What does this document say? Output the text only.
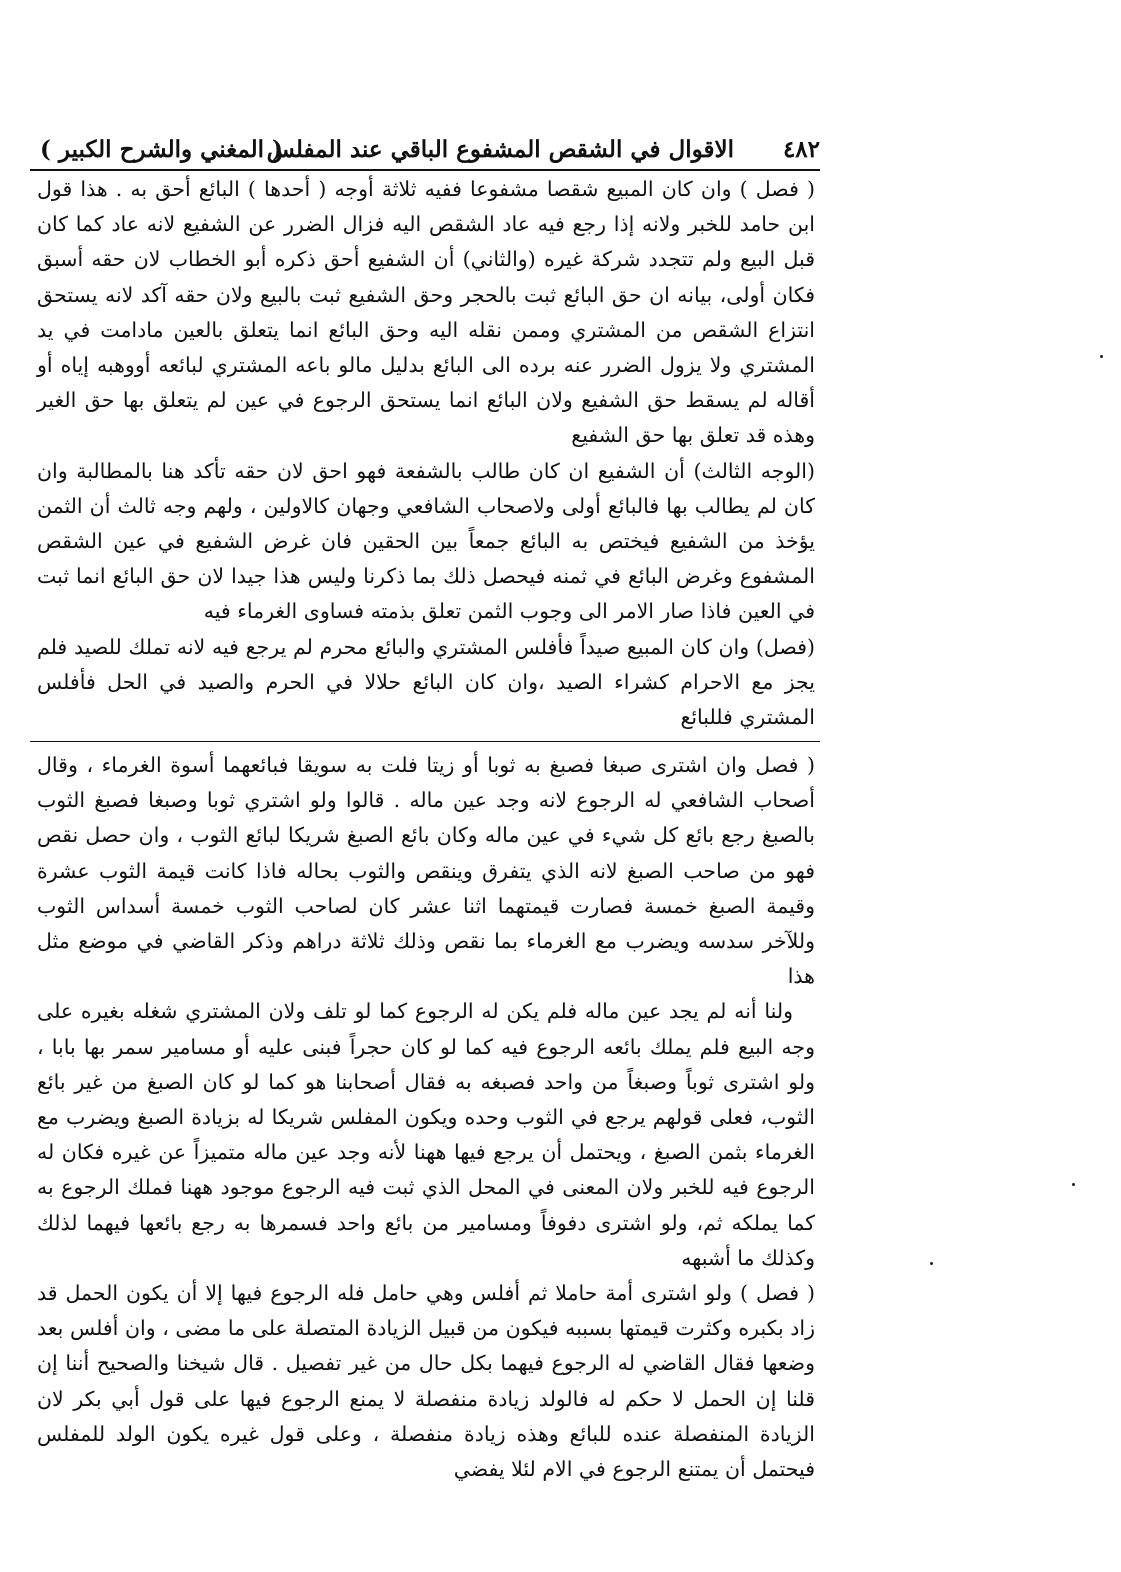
٤٨٢
الاقوال في الشقص المشفوع الباقي عند المفلس
( المغني والشرح الكبير )

( فصل ) وان كان المبيع شقصا مشفوعا ففيه ثلاثة أوجه ( أحدها ) البائع أحق به . هذا قول ابن حامد للخبر ولانه إذا رجع فيه عاد الشقص اليه فزال الضرر عن الشفيع لانه عاد كما كان قبل البيع ولم تتجدد شركة غيره (والثاني) أن الشفيع أحق ذكره أبو الخطاب لان حقه أسبق فكان أولى، بيانه ان حق البائع ثبت بالحجر وحق الشفيع ثبت بالبيع ولان حقه آكد لانه يستحق انتزاع الشقص من المشتري وممن نقله اليه وحق البائع انما يتعلق بالعين مادامت في يد المشتري ولا يزول الضرر عنه برده الى البائع بدليل مالو باعه المشتري لبائعه أووهبه إياه أو أقاله لم يسقط حق الشفيع ولان البائع انما يستحق الرجوع في عين لم يتعلق بها حق الغير وهذه قد تعلق بها حق الشفيع

(الوجه الثالث) أن الشفيع ان كان طالب بالشفعة فهو احق لان حقه تأكد هنا بالمطالبة وان كان لم يطالب بها فالبائع أولى ولاصحاب الشافعي وجهان كالاولين ، ولهم وجه ثالث أن الثمن يؤخذ من الشفيع فيختص به البائع جمعاً بين الحقين فان غرض الشفيع في عين الشقص المشفوع وغرض البائع في ثمنه فيحصل ذلك بما ذكرنا وليس هذا جيدا لان حق البائع انما ثبت في العين فاذا صار الامر الى وجوب الثمن تعلق بذمته فساوى الغرماء فيه

(فصل) وان كان المبيع صيداً فأفلس المشتري والبائع محرم لم يرجع فيه لانه تملك للصيد فلم يجز مع الاحرام كشراء الصيد ،وان كان البائع حلالا في الحرم والصيد في الحل فأفلس المشتري فللبائع

( فصل وان اشترى صبغا فصبغ به ثوبا أو زيتا فلت به سويقا فبائعهما أسوة الغرماء ، وقال أصحاب الشافعي له الرجوع لانه وجد عين ماله . قالوا ولو اشتري ثوبا وصبغا فصبغ الثوب بالصبغ رجع بائع كل شيء في عين ماله وكان بائع الصبغ شريكا لبائع الثوب ، وان حصل نقص فهو من صاحب الصبغ لانه الذي يتفرق وينقص والثوب بحاله فاذا كانت قيمة الثوب عشرة وقيمة الصبغ خمسة فصارت قيمتهما اثنا عشر كان لصاحب الثوب خمسة أسداس الثوب وللآخر سدسه ويضرب مع الغرماء بما نقص وذلك ثلاثة دراهم وذكر القاضي في موضع مثل هذا

ولنا أنه لم يجد عين ماله فلم يكن له الرجوع كما لو تلف ولان المشتري شغله بغيره على وجه البيع فلم يملك بائعه الرجوع فيه كما لو كان حجراً فبنى عليه أو مسامير سمر بها بابا ، ولو اشترى ثوباً وصبغاً من واحد فصبغه به فقال أصحابنا هو كما لو كان الصبغ من غير بائع الثوب، فعلى قولهم يرجع في الثوب وحده ويكون المفلس شريكا له بزيادة الصبغ ويضرب مع الغرماء بثمن الصبغ ، ويحتمل أن يرجع فيها ههنا لأنه وجد عين ماله متميزاً عن غيره فكان له الرجوع فيه للخبر ولان المعنى في المحل الذي ثبت فيه الرجوع موجود ههنا فملك الرجوع به كما يملكه ثم، ولو اشترى دفوفاً ومسامير من بائع واحد فسمرها به رجع بائعها فيهما لذلك وكذلك ما أشبهه

( فصل ) ولو اشترى أمة حاملا ثم أفلس وهي حامل فله الرجوع فيها إلا أن يكون الحمل قد زاد بكبره وكثرت قيمتها بسببه فيكون من قبيل الزيادة المتصلة على ما مضى ، وان أفلس بعد وضعها فقال القاضي له الرجوع فيهما بكل حال من غير تفصيل . قال شيخنا والصحيح أننا إن قلنا إن الحمل لا حكم له فالولد زيادة منفصلة لا يمنع الرجوع فيها على قول أبي بكر لان الزيادة المنفصلة عنده للبائع وهذه زيادة منفصلة ، وعلى قول غيره يكون الولد للمفلس فيحتمل أن يمتنع الرجوع في الام لئلا يفضي
